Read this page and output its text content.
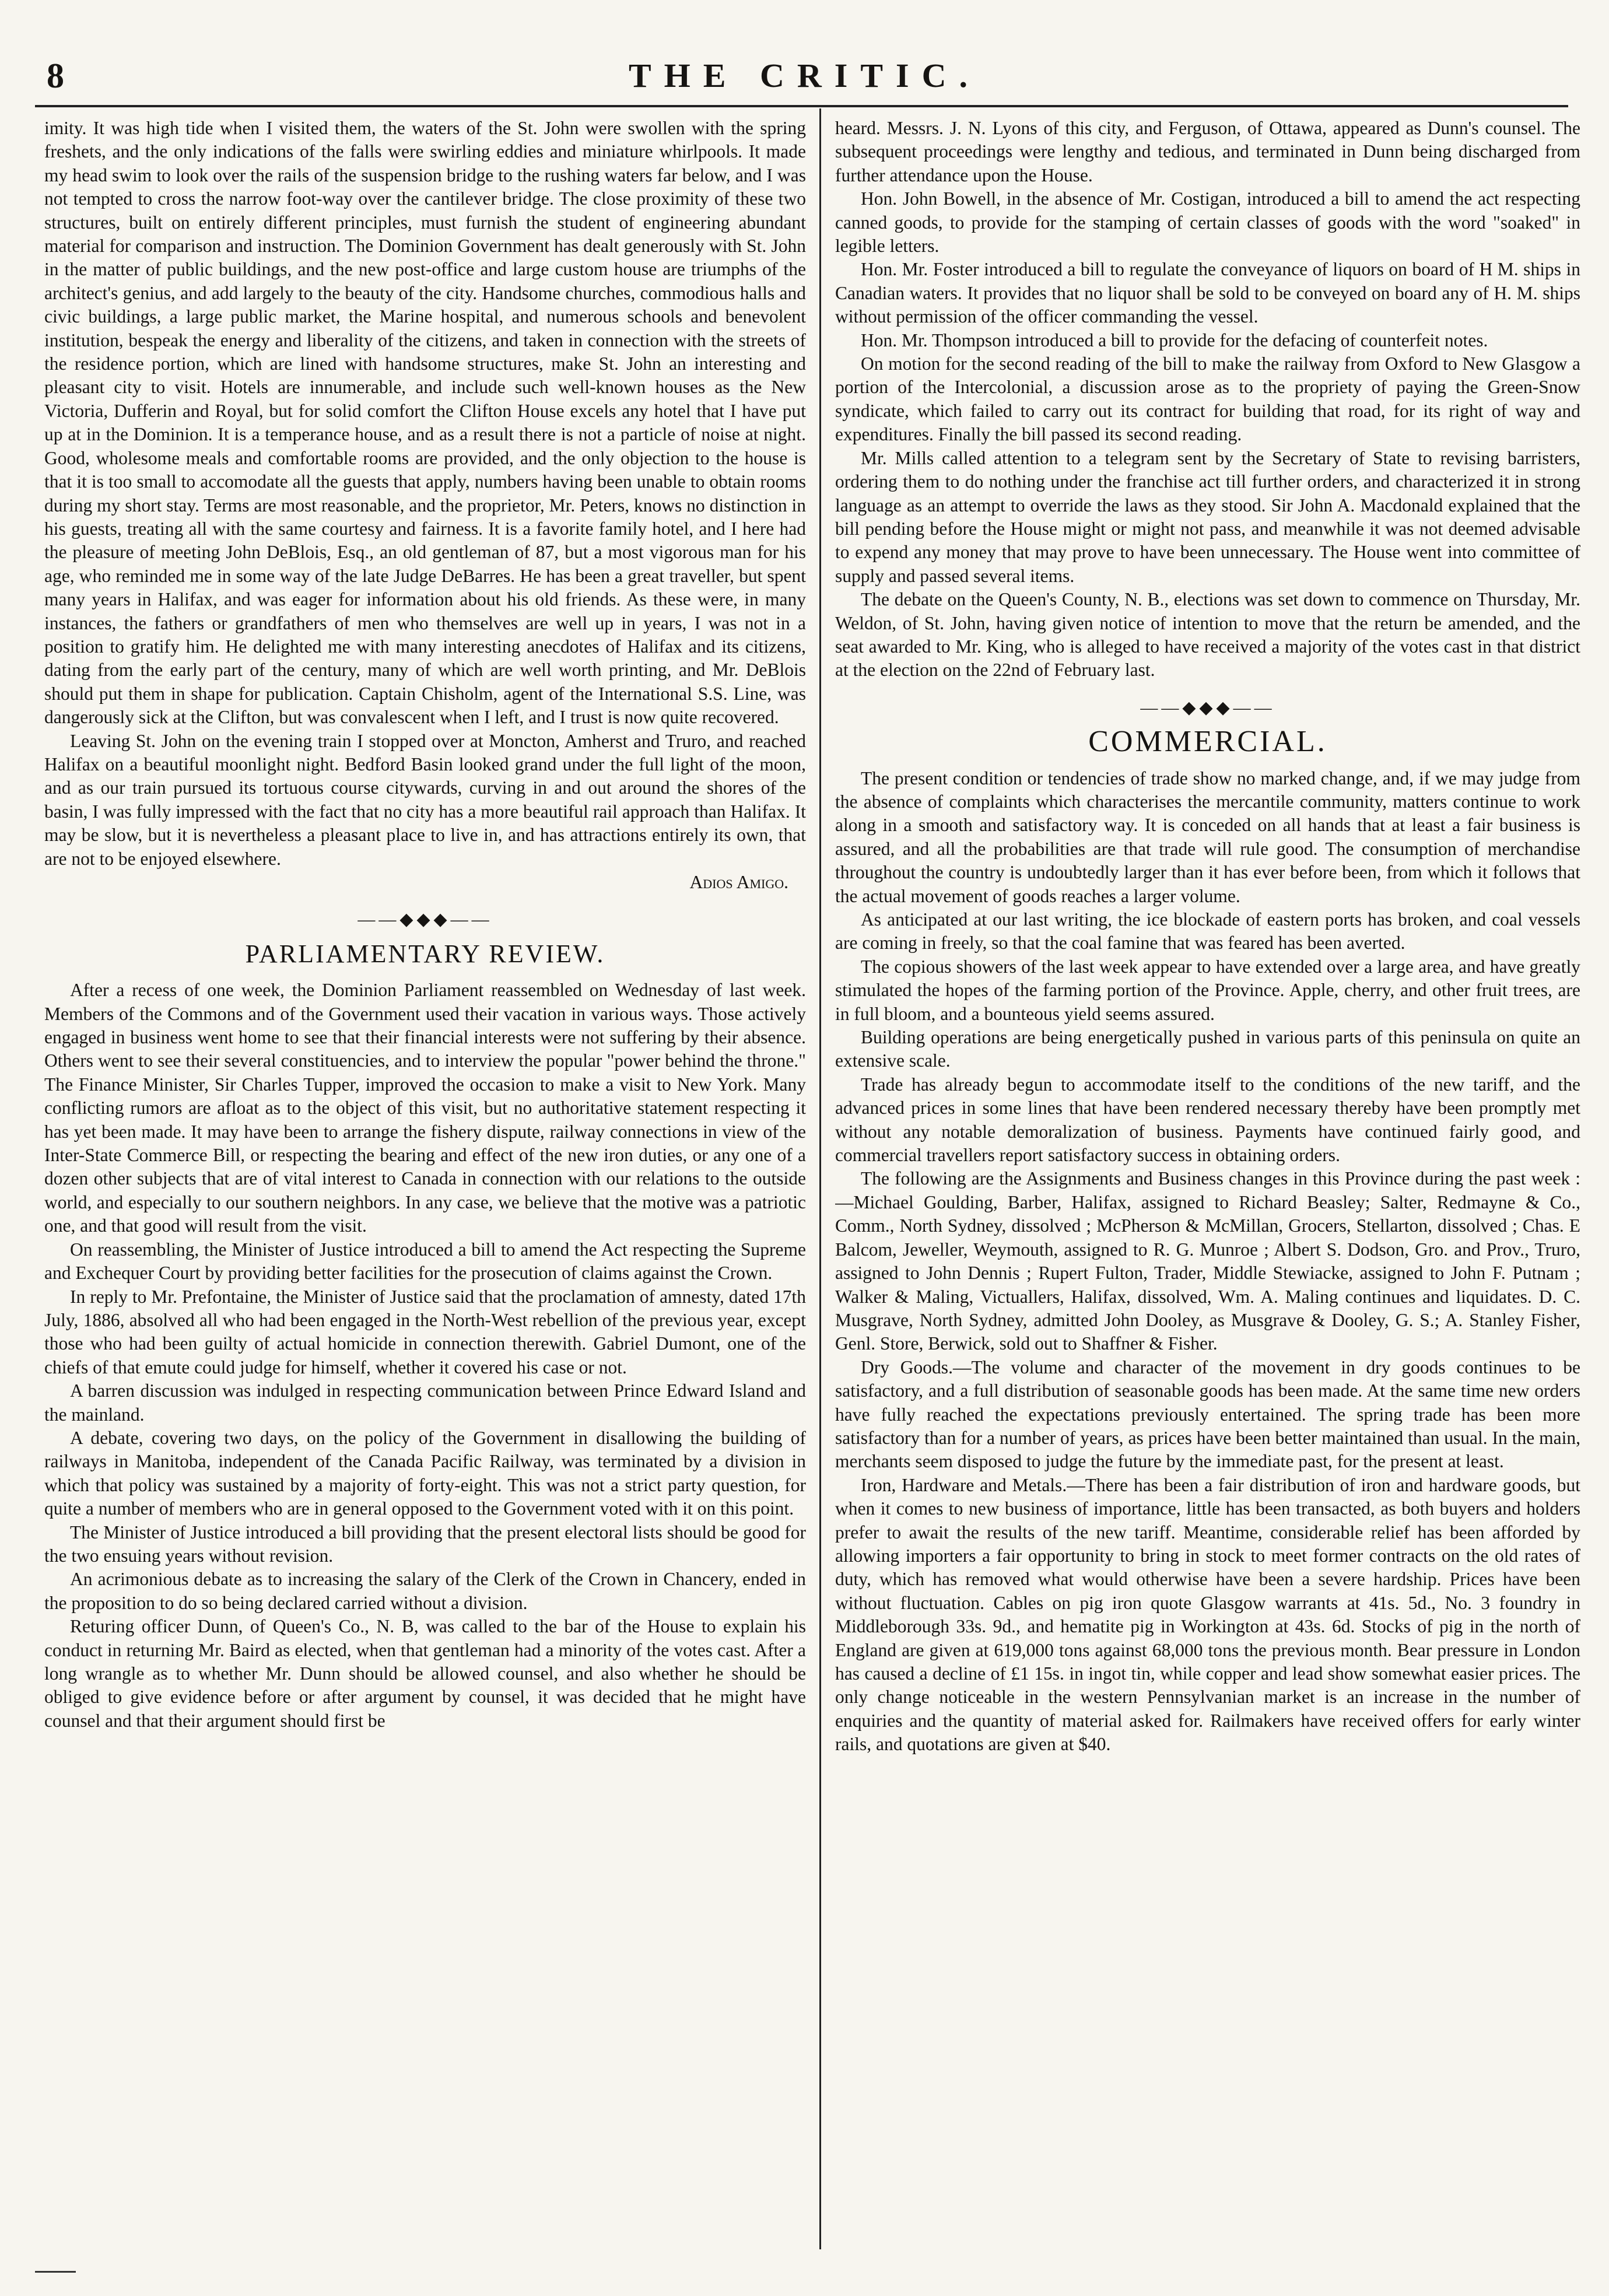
8	THE CRITIC.

imity. It was high tide when I visited them, the waters of the St. John were swollen with the spring freshets, and the only indications of the falls were swirling eddies and miniature whirlpools. It made my head swim to look over the rails of the suspension bridge to the rushing waters far below, and I was not tempted to cross the narrow foot-way over the cantilever bridge. The close proximity of these two structures, built on entirely different principles, must furnish the student of engineering abundant material for comparison and instruction. The Dominion Government has dealt generously with St. John in the matter of public buildings, and the new post-office and large custom house are triumphs of the architect's genius, and add largely to the beauty of the city. Handsome churches, commodious halls and civic buildings, a large public market, the Marine hospital, and numerous schools and benevolent institution, bespeak the energy and liberality of the citizens, and taken in connection with the streets of the residence portion, which are lined with handsome structures, make St. John an interesting and pleasant city to visit. Hotels are innumerable, and include such well-known houses as the New Victoria, Dufferin and Royal, but for solid comfort the Clifton House excels any hotel that I have put up at in the Dominion. It is a temperance house, and as a result there is not a particle of noise at night. Good, wholesome meals and comfortable rooms are provided, and the only objection to the house is that it is too small to accomodate all the guests that apply, numbers having been unable to obtain rooms during my short stay. Terms are most reasonable, and the proprietor, Mr. Peters, knows no distinction in his guests, treating all with the same courtesy and fairness. It is a favorite family hotel, and I here had the pleasure of meeting John DeBlois, Esq., an old gentleman of 87, but a most vigorous man for his age, who reminded me in some way of the late Judge DeBarres. He has been a great traveller, but spent many years in Halifax, and was eager for information about his old friends. As these were, in many instances, the fathers or grandfathers of men who themselves are well up in years, I was not in a position to gratify him. He delighted me with many interesting anecdotes of Halifax and its citizens, dating from the early part of the century, many of which are well worth printing, and Mr. DeBlois should put them in shape for publication. Captain Chisholm, agent of the International S.S. Line, was dangerously sick at the Clifton, but was convalescent when I left, and I trust is now quite recovered.

Leaving St. John on the evening train I stopped over at Moncton, Amherst and Truro, and reached Halifax on a beautiful moonlight night. Bedford Basin looked grand under the full light of the moon, and as our train pursued its tortuous course citywards, curving in and out around the shores of the basin, I was fully impressed with the fact that no city has a more beautiful rail approach than Halifax. It may be slow, but it is nevertheless a pleasant place to live in, and has attractions entirely its own, that are not to be enjoyed elsewhere.

Adios Amigo.
——◆◆◆——
PARLIAMENTARY REVIEW.

After a recess of one week, the Dominion Parliament reassembled on Wednesday of last week. Members of the Commons and of the Government used their vacation in various ways. Those actively engaged in business went home to see that their financial interests were not suffering by their absence. Others went to see their several constituencies, and to interview the popular "power behind the throne." The Finance Minister, Sir Charles Tupper, improved the occasion to make a visit to New York. Many conflicting rumors are afloat as to the object of this visit, but no authoritative statement respecting it has yet been made. It may have been to arrange the fishery dispute, railway connections in view of the Inter-State Commerce Bill, or respecting the bearing and effect of the new iron duties, or any one of a dozen other subjects that are of vital interest to Canada in connection with our relations to the outside world, and especially to our southern neighbors. In any case, we believe that the motive was a patriotic one, and that good will result from the visit.

On reassembling, the Minister of Justice introduced a bill to amend the Act respecting the Supreme and Exchequer Court by providing better facilities for the prosecution of claims against the Crown.

In reply to Mr. Prefontaine, the Minister of Justice said that the proclamation of amnesty, dated 17th July, 1886, absolved all who had been engaged in the North-West rebellion of the previous year, except those who had been guilty of actual homicide in connection therewith. Gabriel Dumont, one of the chiefs of that emute could judge for himself, whether it covered his case or not.

A barren discussion was indulged in respecting communication between Prince Edward Island and the mainland.

A debate, covering two days, on the policy of the Government in disallowing the building of railways in Manitoba, independent of the Canada Pacific Railway, was terminated by a division in which that policy was sustained by a majority of forty-eight. This was not a strict party question, for quite a number of members who are in general opposed to the Government voted with it on this point.

The Minister of Justice introduced a bill providing that the present electoral lists should be good for the two ensuing years without revision.

An acrimonious debate as to increasing the salary of the Clerk of the Crown in Chancery, ended in the proposition to do so being declared carried without a division.

Returing officer Dunn, of Queen's Co., N. B, was called to the bar of the House to explain his conduct in returning Mr. Baird as elected, when that gentleman had a minority of the votes cast. After a long wrangle as to whether Mr. Dunn should be allowed counsel, and also whether he should be obliged to give evidence before or after argument by counsel, it was decided that he might have counsel and that their argument should first be

heard. Messrs. J. N. Lyons of this city, and Ferguson, of Ottawa, appeared as Dunn's counsel. The subsequent proceedings were lengthy and tedious, and terminated in Dunn being discharged from further attendance upon the House.

Hon. John Bowell, in the absence of Mr. Costigan, introduced a bill to amend the act respecting canned goods, to provide for the stamping of certain classes of goods with the word "soaked" in legible letters.

Hon. Mr. Foster introduced a bill to regulate the conveyance of liquors on board of H M. ships in Canadian waters. It provides that no liquor shall be sold to be conveyed on board any of H. M. ships without permission of the officer commanding the vessel.

Hon. Mr. Thompson introduced a bill to provide for the defacing of counterfeit notes.

On motion for the second reading of the bill to make the railway from Oxford to New Glasgow a portion of the Intercolonial, a discussion arose as to the propriety of paying the Green-Snow syndicate, which failed to carry out its contract for building that road, for its right of way and expenditures. Finally the bill passed its second reading.

Mr. Mills called attention to a telegram sent by the Secretary of State to revising barristers, ordering them to do nothing under the franchise act till further orders, and characterized it in strong language as an attempt to override the laws as they stood. Sir John A. Macdonald explained that the bill pending before the House might or might not pass, and meanwhile it was not deemed advisable to expend any money that may prove to have been unnecessary. The House went into committee of supply and passed several items.

The debate on the Queen's County, N. B., elections was set down to commence on Thursday, Mr. Weldon, of St. John, having given notice of intention to move that the return be amended, and the seat awarded to Mr. King, who is alleged to have received a majority of the votes cast in that district at the election on the 22nd of February last.

——◆◆◆——
COMMERCIAL.

The present condition or tendencies of trade show no marked change, and, if we may judge from the absence of complaints which characterises the mercantile community, matters continue to work along in a smooth and satisfactory way. It is conceded on all hands that at least a fair business is assured, and all the probabilities are that trade will rule good. The consumption of merchandise throughout the country is undoubtedly larger than it has ever before been, from which it follows that the actual movement of goods reaches a larger volume.

As anticipated at our last writing, the ice blockade of eastern ports has broken, and coal vessels are coming in freely, so that the coal famine that was feared has been averted.

The copious showers of the last week appear to have extended over a large area, and have greatly stimulated the hopes of the farming portion of the Province. Apple, cherry, and other fruit trees, are in full bloom, and a bounteous yield seems assured.

Building operations are being energetically pushed in various parts of this peninsula on quite an extensive scale.

Trade has already begun to accommodate itself to the conditions of the new tariff, and the advanced prices in some lines that have been rendered necessary thereby have been promptly met without any notable demoralization of business. Payments have continued fairly good, and commercial travellers report satisfactory success in obtaining orders.

The following are the Assignments and Business changes in this Province during the past week :—Michael Goulding, Barber, Halifax, assigned to Richard Beasley; Salter, Redmayne & Co., Comm., North Sydney, dissolved ; McPherson & McMillan, Grocers, Stellarton, dissolved ; Chas. E Balcom, Jeweller, Weymouth, assigned to R. G. Munroe ; Albert S. Dodson, Gro. and Prov., Truro, assigned to John Dennis ; Rupert Fulton, Trader, Middle Stewiacke, assigned to John F. Putnam ; Walker & Maling, Victuallers, Halifax, dissolved, Wm. A. Maling continues and liquidates. D. C. Musgrave, North Sydney, admitted John Dooley, as Musgrave & Dooley, G. S.; A. Stanley Fisher, Genl. Store, Berwick, sold out to Shaffner & Fisher.

Dry Goods.—The volume and character of the movement in dry goods continues to be satisfactory, and a full distribution of seasonable goods has been made. At the same time new orders have fully reached the expectations previously entertained. The spring trade has been more satisfactory than for a number of years, as prices have been better maintained than usual. In the main, merchants seem disposed to judge the future by the immediate past, for the present at least.

Iron, Hardware and Metals.—There has been a fair distribution of iron and hardware goods, but when it comes to new business of importance, little has been transacted, as both buyers and holders prefer to await the results of the new tariff. Meantime, considerable relief has been afforded by allowing importers a fair opportunity to bring in stock to meet former contracts on the old rates of duty, which has removed what would otherwise have been a severe hardship. Prices have been without fluctuation. Cables on pig iron quote Glasgow warrants at 41s. 5d., No. 3 foundry in Middleborough 33s. 9d., and hematite pig in Workington at 43s. 6d. Stocks of pig in the north of England are given at 619,000 tons against 68,000 tons the previous month. Bear pressure in London has caused a decline of £1 15s. in ingot tin, while copper and lead show somewhat easier prices. The only change noticeable in the western Pennsylvanian market is an increase in the number of enquiries and the quantity of material asked for. Railmakers have received offers for early winter rails, and quotations are given at $40.
